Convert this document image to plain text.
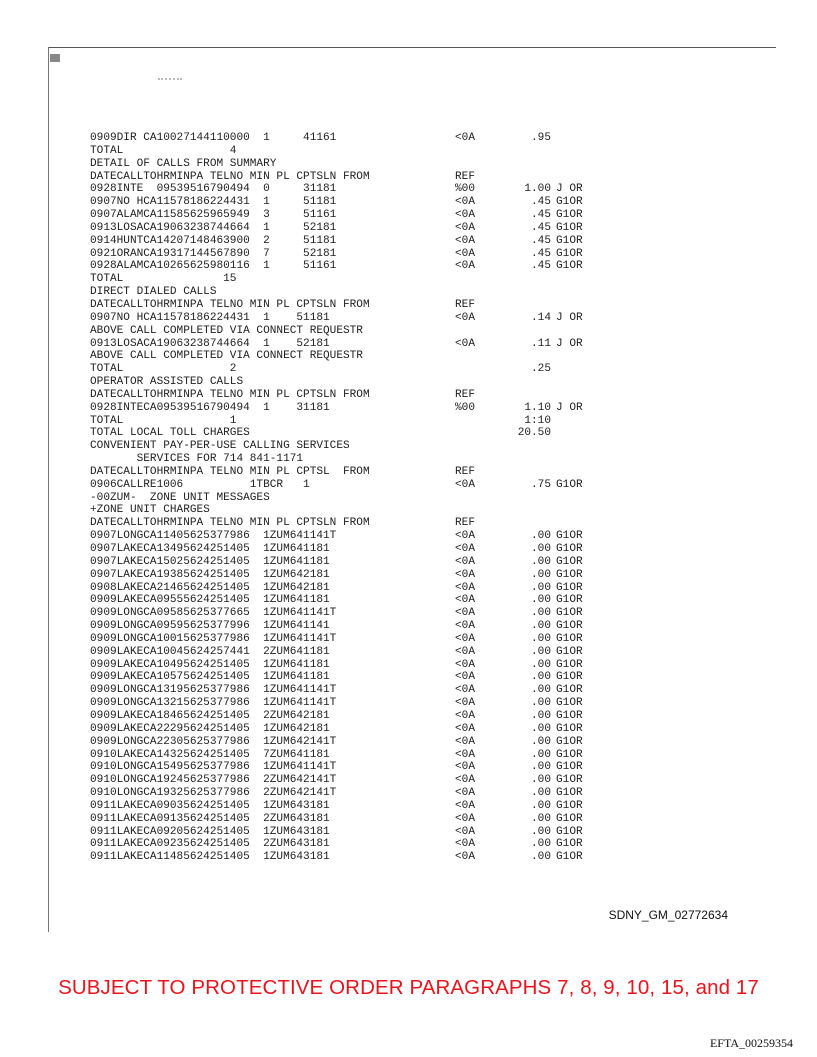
0909DIR CA10027144110000  1     41161	<0A	.95
TOTAL                4
DETAIL OF CALLS FROM SUMMARY
DATECALLTOHRMINPA TELNO MIN PL CPTSLN FROM	REF
0928INTE  09539516790494  0     31181	%00	1.00 J OR
0907NO HCA11578186224431  1     51181	<0A	.45 G1OR
0907ALAMCA11585625965949  3     51161	<0A	.45 G1OR
0913LOSACA19063238744664  1     52181	<0A	.45 G1OR
0914HUNTCA14207148463900  2     51181	<0A	.45 G1OR
0921ORANCA19317144567890  7     52181	<0A	.45 G1OR
0928ALAMCA10265625980116  1     51161	<0A	.45 G1OR
TOTAL               15
DIRECT DIALED CALLS
DATECALLTOHRMINPA TELNO MIN PL CPTSLN FROM	REF
0907NO HCA11578186224431  1    51181	<0A	.14 J OR
ABOVE CALL COMPLETED VIA CONNECT REQUESTR
0913LOSACA19063238744664  1    52181	<0A	.11 J OR
ABOVE CALL COMPLETED VIA CONNECT REQUESTR
TOTAL                2	.25
OPERATOR ASSISTED CALLS
DATECALLTOHRMINPA TELNO MIN PL CPTSLN FROM	REF
0928INTECA09539516790494  1    31181	%00	1.10 J OR
TOTAL                1	1:10
TOTAL LOCAL TOLL CHARGES	20.50
CONVENIENT PAY-PER-USE CALLING SERVICES
SERVICES FOR 714 841-1171
DATECALLTOHRMINPA TELNO MIN PL CPTSL  FROM	REF
0906CALLRE1006          1TBCR   1	<0A	.75 G1OR
-00ZUM-  ZONE UNIT MESSAGES
+ZONE UNIT CHARGES
DATECALLTOHRMINPA TELNO MIN PL CPTSLN FROM	REF
0907LONGCA11405625377986  1ZUM641141T	<0A	.00 G1OR
0907LAKECA13495624251405  1ZUM641181	<0A	.00 G1OR
0907LAKECA15025624251405  1ZUM641181	<0A	.00 G1OR
0907LAKECA19385624251405  1ZUM642181	<0A	.00 G1OR
0908LAKECA21465624251405  1ZUM642181	<0A	.00 G1OR
0909LAKECA09555624251405  1ZUM641181	<0A	.00 G1OR
0909LONGCA09585625377665  1ZUM641141T	<0A	.00 G1OR
0909LONGCA09595625377996  1ZUM641141	<0A	.00 G1OR
0909LONGCA10015625377986  1ZUM641141T	<0A	.00 G1OR
0909LAKECA10045624257441  2ZUM641181	<0A	.00 G1OR
0909LAKECA10495624251405  1ZUM641181	<0A	.00 G1OR
0909LAKECA10575624251405  1ZUM641181	<0A	.00 G1OR
0909LONGCA13195625377986  1ZUM641141T	<0A	.00 G1OR
0909LONGCA13215625377986  1ZUM641141T	<0A	.00 G1OR
0909LAKECA18465624251405  2ZUM642181	<0A	.00 G1OR
0909LAKECA22295624251405  1ZUM642181	<0A	.00 G1OR
0909LONGCA22305625377986  1ZUM642141T	<0A	.00 G1OR
0910LAKECA14325624251405  7ZUM641181	<0A	.00 G1OR
0910LONGCA15495625377986  1ZUM641141T	<0A	.00 G1OR
0910LONGCA19245625377986  2ZUM642141T	<0A	.00 G1OR
0910LONGCA19325625377986  2ZUM642141T	<0A	.00 G1OR
0911LAKECA09035624251405  1ZUM643181	<0A	.00 G1OR
0911LAKECA09135624251405  2ZUM643181	<0A	.00 G1OR
0911LAKECA09205624251405  1ZUM643181	<0A	.00 G1OR
0911LAKECA09235624251405  2ZUM643181	<0A	.00 G1OR
0911LAKECA11485624251405  1ZUM643181	<0A	.00 G1OR
SDNY_GM_02772634
SUBJECT TO PROTECTIVE ORDER PARAGRAPHS 7, 8, 9, 10, 15, and 17
EFTA_00259354
